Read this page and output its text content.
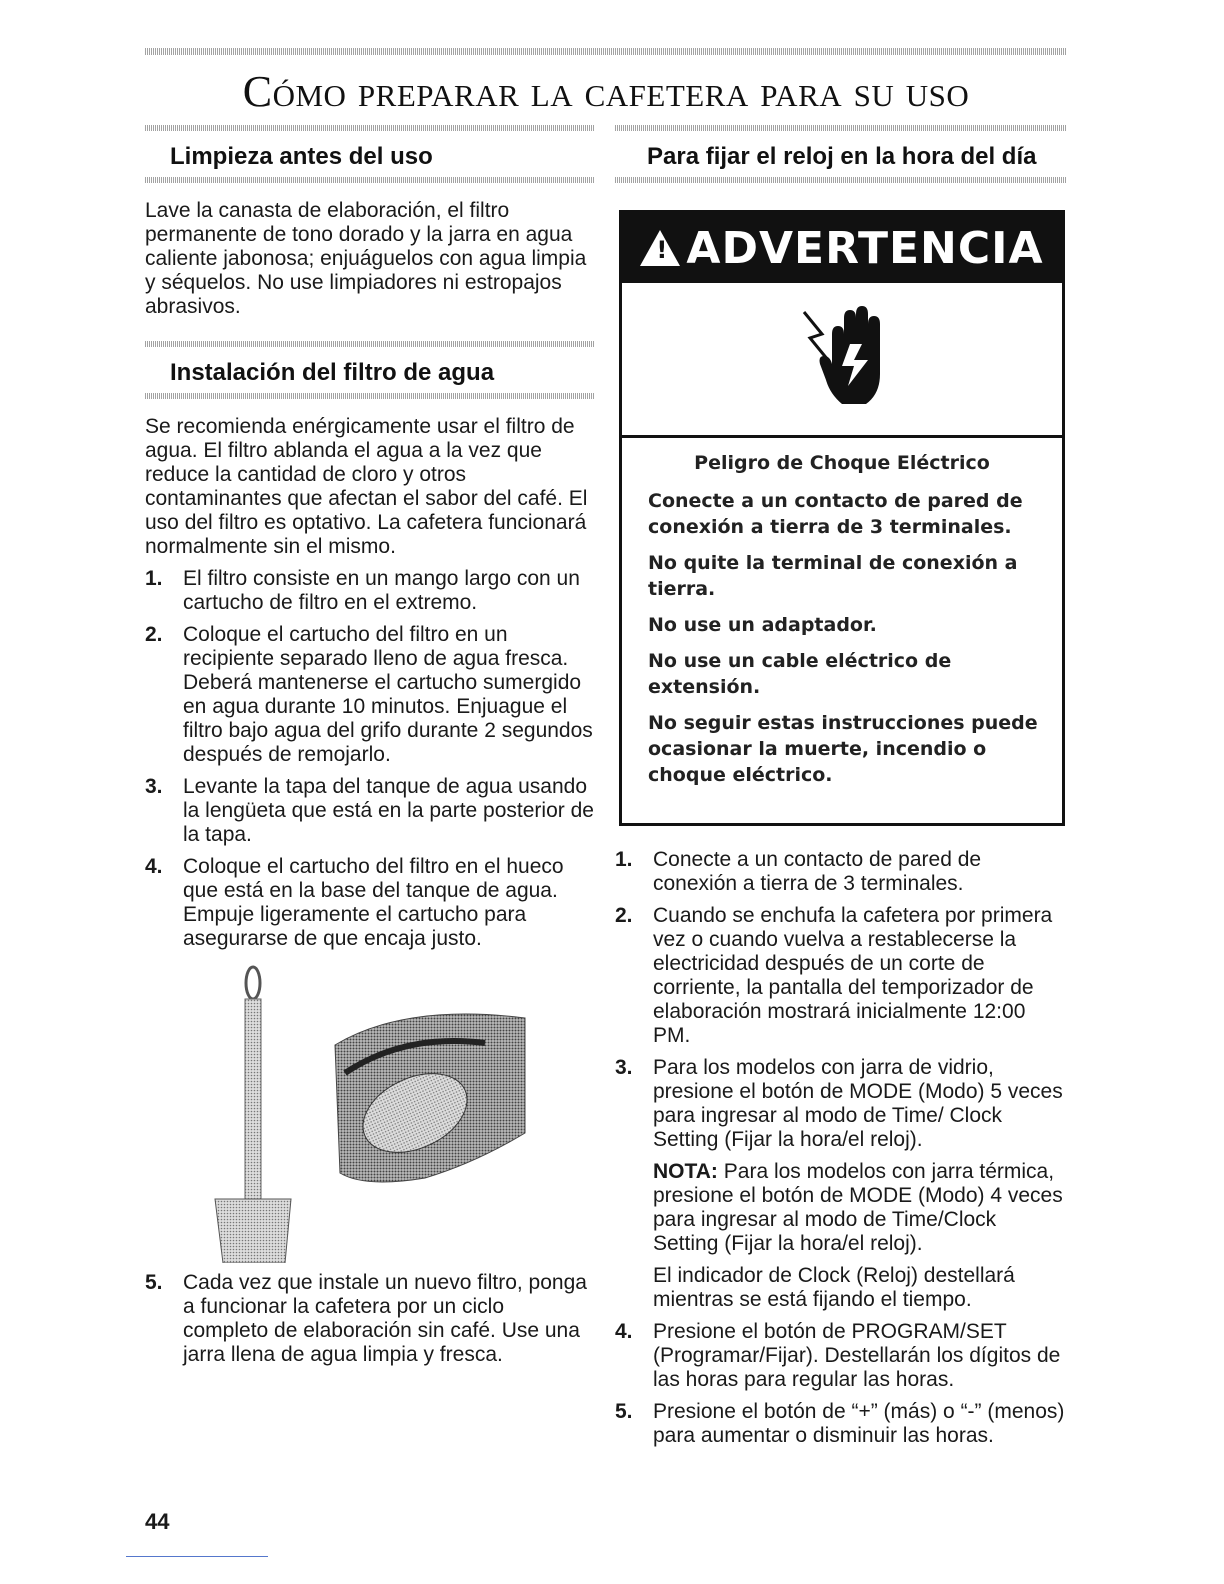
Cómo preparar la cafetera para su uso
Limpieza antes del uso

Lave la canasta de elaboración, el filtro permanente de tono dorado y la jarra en agua caliente jabonosa; enjuáguelos con agua limpia y séquelos. No use limpiadores ni estropajos abrasivos.

Instalación del filtro de agua

Se recomienda enérgicamente usar el filtro de agua. El filtro ablanda el agua a la vez que reduce la cantidad de cloro y otros contaminantes que afectan el sabor del café. El uso del filtro es optativo. La cafetera funcionará normalmente sin el mismo.

1. El filtro consiste en un mango largo con un cartucho de filtro en el extremo.
2. Coloque el cartucho del filtro en un recipiente separado lleno de agua fresca. Deberá mantenerse el cartucho sumergido en agua durante 10 minutos. Enjuague el filtro bajo agua del grifo durante 2 segundos después de remojarlo.
3. Levante la tapa del tanque de agua usando la lengüeta que está en la parte posterior de la tapa.
4. Coloque el cartucho del filtro en el hueco que está en la base del tanque de agua. Empuje ligeramente el cartucho para asegurarse de que encaja justo.
5. Cada vez que instale un nuevo filtro, ponga a funcionar la cafetera por un ciclo completo de elaboración sin café. Use una jarra llena de agua limpia y fresca.
Para fijar el reloj en la hora del día
! ADVERTENCIA
Peligro de Choque Eléctrico

Conecte a un contacto de pared de conexión a tierra de 3 terminales.

No quite la terminal de conexión a tierra.

No use un adaptador.

No use un cable eléctrico de extensión.

No seguir estas instrucciones puede ocasionar la muerte, incendio o choque eléctrico.

1. Conecte a un contacto de pared de conexión a tierra de 3 terminales.
2. Cuando se enchufa la cafetera por primera vez o cuando vuelva a restablecerse la electricidad después de un corte de corriente, la pantalla del temporizador de elaboración mostrará inicialmente 12:00 PM.
3. Para los modelos con jarra de vidrio, presione el botón de MODE (Modo) 5 veces para ingresar al modo de Time/ Clock Setting (Fijar la hora/el reloj).

NOTA: Para los modelos con jarra térmica, presione el botón de MODE (Modo) 4 veces para ingresar al modo de Time/Clock Setting (Fijar la hora/el reloj).

El indicador de Clock (Reloj) destellará mientras se está fijando el tiempo.

4. Presione el botón de PROGRAM/SET (Programar/Fijar). Destellarán los dígitos de las horas para regular las horas.
5. Presione el botón de “+” (más) o “-” (menos) para aumentar o disminuir las horas.
44
